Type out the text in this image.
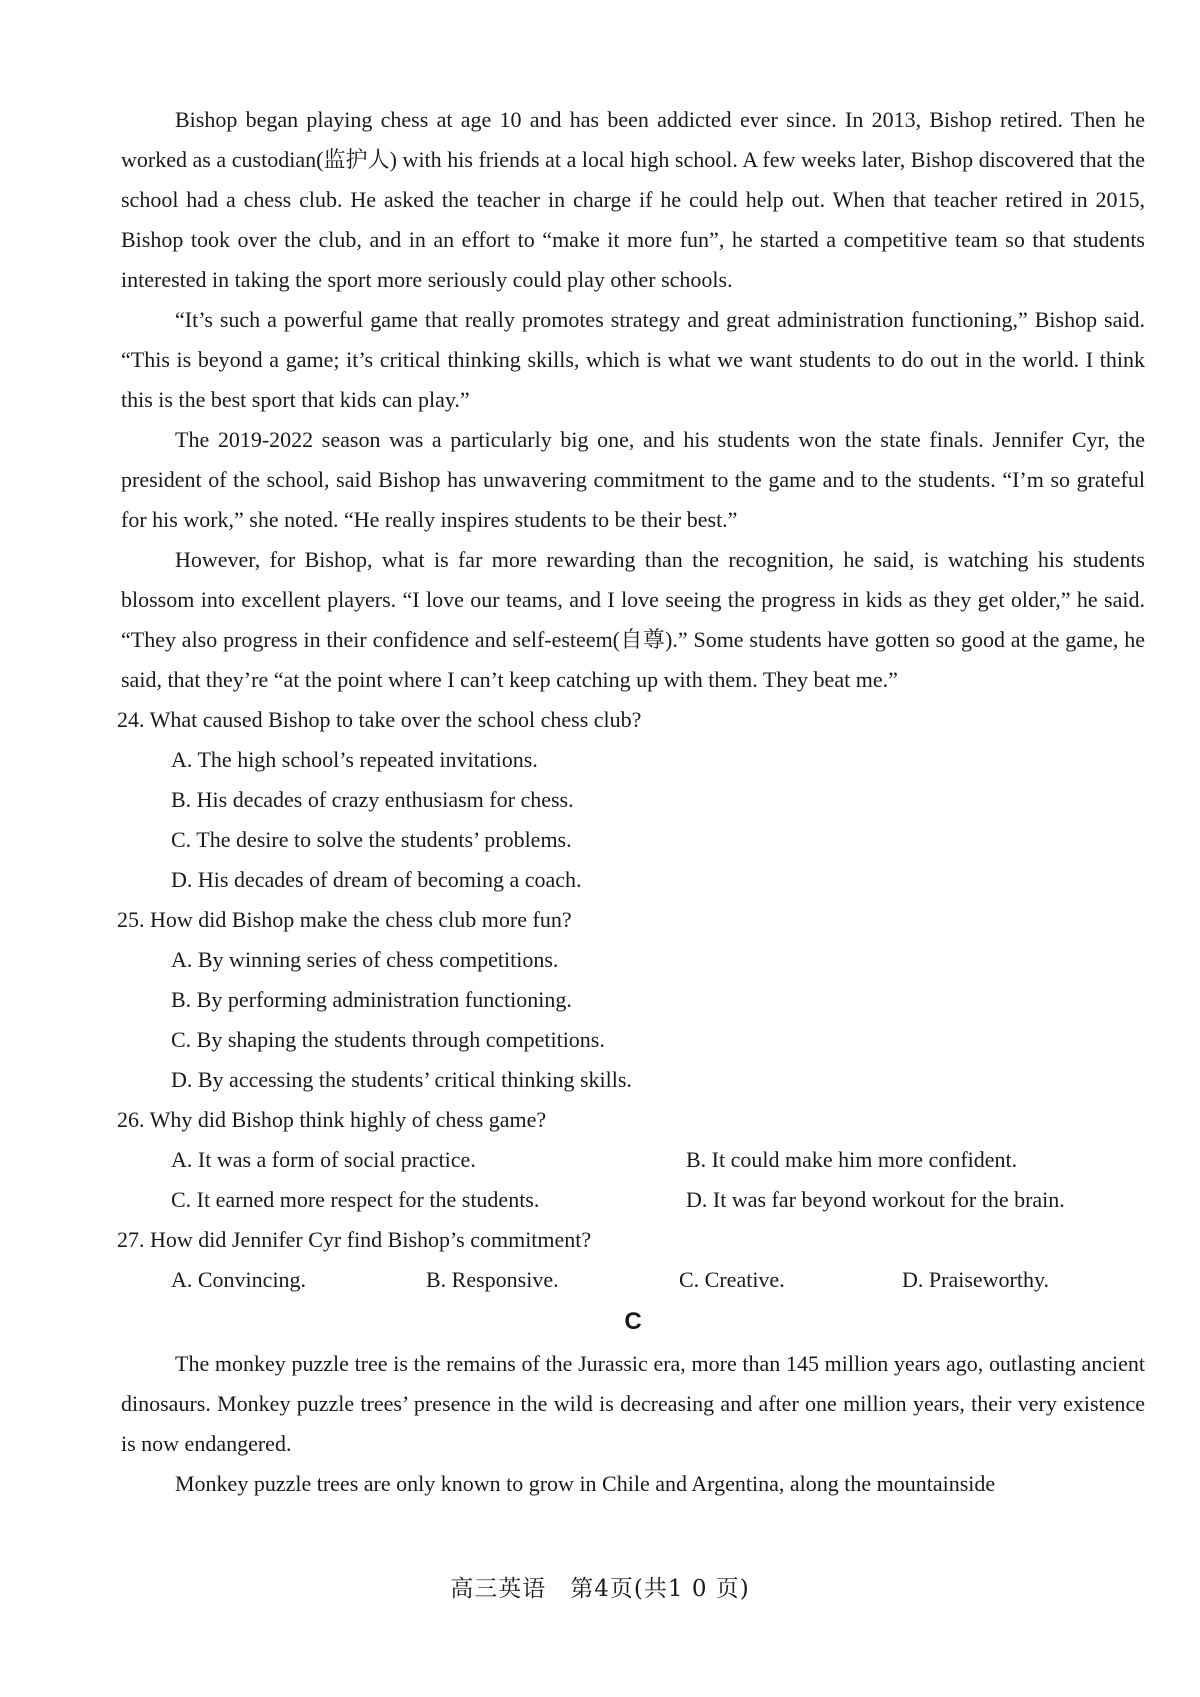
Bishop began playing chess at age 10 and has been addicted ever since. In 2013, Bishop retired. Then he worked as a custodian(监护人) with his friends at a local high school. A few weeks later, Bishop discovered that the school had a chess club. He asked the teacher in charge if he could help out. When that teacher retired in 2015, Bishop took over the club, and in an effort to “make it more fun”, he started a competitive team so that students interested in taking the sport more seriously could play other schools.

“It’s such a powerful game that really promotes strategy and great administration functioning,” Bishop said. “This is beyond a game; it’s critical thinking skills, which is what we want students to do out in the world. I think this is the best sport that kids can play.”

The 2019-2022 season was a particularly big one, and his students won the state finals. Jennifer Cyr, the president of the school, said Bishop has unwavering commitment to the game and to the students. “I’m so grateful for his work,” she noted. “He really inspires students to be their best.”

However, for Bishop, what is far more rewarding than the recognition, he said, is watching his students blossom into excellent players. “I love our teams, and I love seeing the progress in kids as they get older,” he said. “They also progress in their confidence and self-esteem(自尊).” Some students have gotten so good at the game, he said, that they’re “at the point where I can’t keep catching up with them. They beat me.”

24. What caused Bishop to take over the school chess club?
A. The high school’s repeated invitations.
B. His decades of crazy enthusiasm for chess.
C. The desire to solve the students’ problems.
D. His decades of dream of becoming a coach.
25. How did Bishop make the chess club more fun?
A. By winning series of chess competitions.
B. By performing administration functioning.
C. By shaping the students through competitions.
D. By accessing the students’ critical thinking skills.
26. Why did Bishop think highly of chess game?
A. It was a form of social practice.	B. It could make him more confident.
C. It earned more respect for the students.	D. It was far beyond workout for the brain.
27. How did Jennifer Cyr find Bishop’s commitment?
A. Convincing.	B. Responsive.	C. Creative.	D. Praiseworthy.

C

The monkey puzzle tree is the remains of the Jurassic era, more than 145 million years ago, outlasting ancient dinosaurs. Monkey puzzle trees’ presence in the wild is decreasing and after one million years, their very existence is now endangered.

Monkey puzzle trees are only known to grow in Chile and Argentina, along the mountainside

高三英语　第4页(共1 0 页)
